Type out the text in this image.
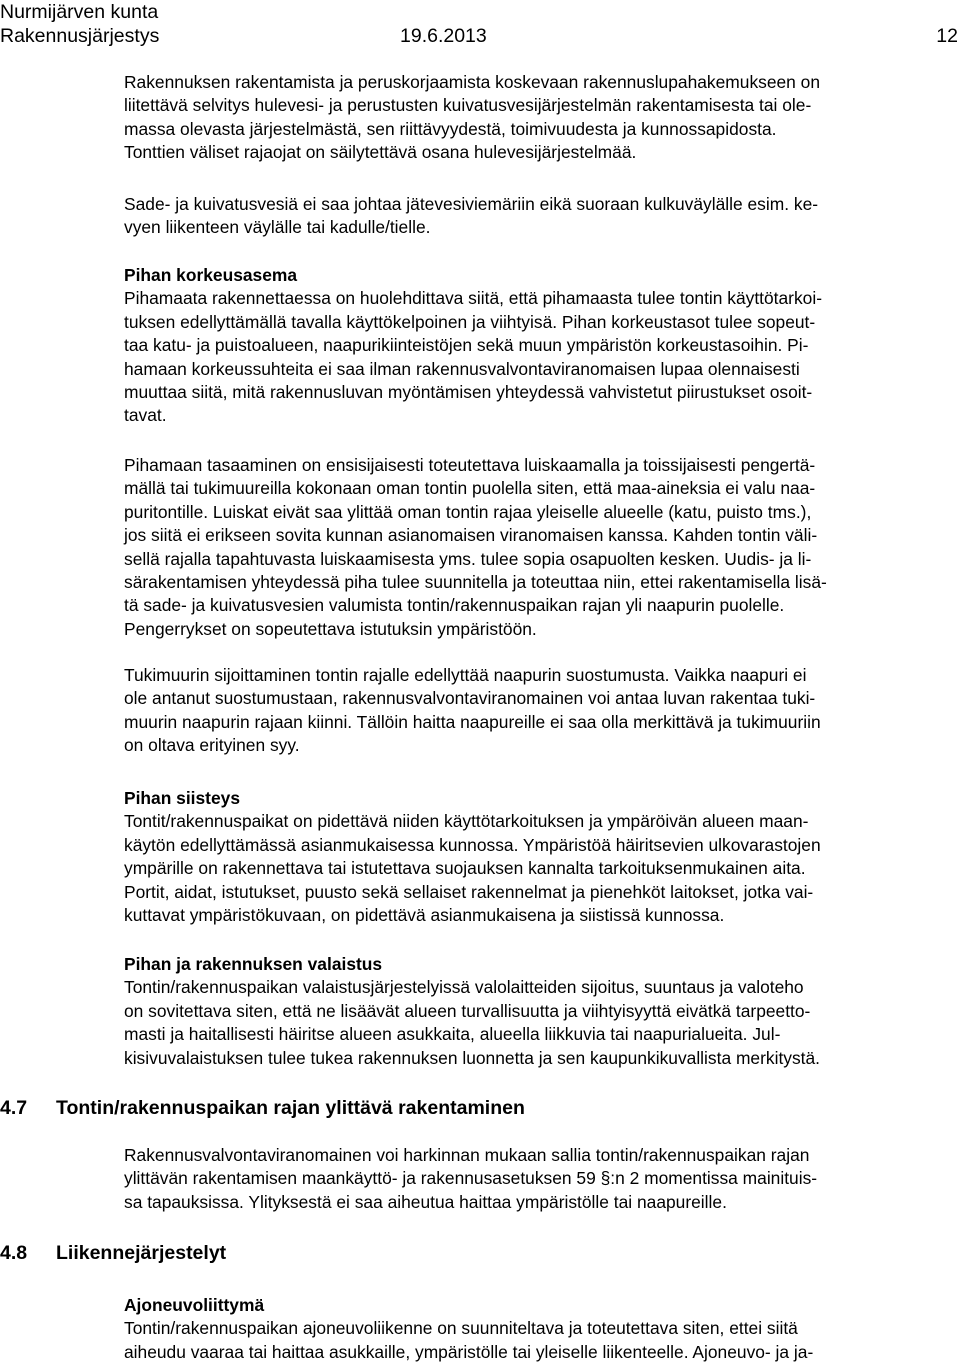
Nurmijärven kunta
Rakennusjärjestys	19.6.2013	12
Rakennuksen rakentamista ja peruskorjaamista koskevaan rakennuslupahakemukseen on
liitettävä selvitys hulevesi- ja perustusten kuivatusvesijärjestelmän rakentamisesta tai ole-
massa olevasta järjestelmästä, sen riittävyydestä, toimivuudesta ja kunnossapidosta.
Tonttien väliset rajaojat on säilytettävä osana hulevesijärjestelmää.
Sade- ja kuivatusvesiä ei saa johtaa jätevesiviemäriin eikä suoraan kulkuväylälle esim. ke-
vyen liikenteen väylälle tai kadulle/tielle.
Pihan korkeusasema
Pihamaata rakennettaessa on huolehdittava siitä, että pihamaasta tulee tontin käyttötarkoi-
tuksen edellyttämällä tavalla käyttökelpoinen ja viihtyisä. Pihan korkeustasot tulee sopeut-
taa katu- ja puistoalueen, naapurikiinteistöjen sekä muun ympäristön korkeustasoihin. Pi-
hamaan korkeussuhteita ei saa ilman rakennusvalvontaviranomaisen lupaa olennaisesti
muuttaa siitä, mitä rakennusluvan myöntämisen yhteydessä vahvistetut piirustukset osoit-
tavat.
Pihamaan tasaaminen on ensisijaisesti toteutettava luiskaamalla ja toissijaisesti pengertä-
mällä tai tukimuureilla kokonaan oman tontin puolella siten, että maa-aineksia ei valu naa-
puritontille. Luiskat eivät saa ylittää oman tontin rajaa yleiselle alueelle (katu, puisto tms.),
jos siitä ei erikseen sovita kunnan asianomaisen viranomaisen kanssa. Kahden tontin väli-
sellä rajalla tapahtuvasta luiskaamisesta yms. tulee sopia osapuolten kesken. Uudis- ja li-
särakentamisen yhteydessä piha tulee suunnitella ja toteuttaa niin, ettei rakentamisella lisä-
tä sade- ja kuivatusvesien valumista tontin/rakennuspaikan rajan yli naapurin puolelle.
Pengerrykset on sopeutettava istutuksin ympäristöön.
Tukimuurin sijoittaminen tontin rajalle edellyttää naapurin suostumusta. Vaikka naapuri ei
ole antanut suostumustaan, rakennusvalvontaviranomainen voi antaa luvan rakentaa tuki-
muurin naapurin rajaan kiinni. Tällöin haitta naapureille ei saa olla merkittävä ja tukimuuriin
on oltava erityinen syy.
Pihan siisteys
Tontit/rakennuspaikat on pidettävä niiden käyttötarkoituksen ja ympäröivän alueen maan-
käytön edellyttämässä asianmukaisessa kunnossa. Ympäristöä häiritsevien ulkovarastojen
ympärille on rakennettava tai istutettava suojauksen kannalta tarkoituksenmukainen aita.
Portit, aidat, istutukset, puusto sekä sellaiset rakennelmat ja pienehköt laitokset, jotka vai-
kuttavat ympäristökuvaan, on pidettävä asianmukaisena ja siistissä kunnossa.
Pihan ja rakennuksen valaistus
Tontin/rakennuspaikan valaistusjärjestelyissä valolaitteiden sijoitus, suuntaus ja valoteho
on sovitettava siten, että ne lisäävät alueen turvallisuutta ja viihtyisyyttä eivätkä tarpeetto-
masti ja haitallisesti häiritse alueen asukkaita, alueella liikkuvia tai naapurialueita. Jul-
kisivuvalaistuksen tulee tukea rakennuksen luonnetta ja sen kaupunkikuvallista merkitystä.
4.7 Tontin/rakennuspaikan rajan ylittävä rakentaminen
Rakennusvalvontaviranomainen voi harkinnan mukaan sallia tontin/rakennuspaikan rajan
ylittävän rakentamisen maankäyttö- ja rakennusasetuksen 59 §:n 2 momentissa mainituis-
sa tapauksissa. Ylityksestä ei saa aiheutua haittaa ympäristölle tai naapureille.
4.8 Liikennejärjestelyt
Ajoneuvoliittymä
Tontin/rakennuspaikan ajoneuvoliikenne on suunniteltava ja toteutettava siten, ettei siitä
aiheudu vaaraa tai haittaa asukkaille, ympäristölle tai yleiselle liikenteelle. Ajoneuvo- ja ja-
